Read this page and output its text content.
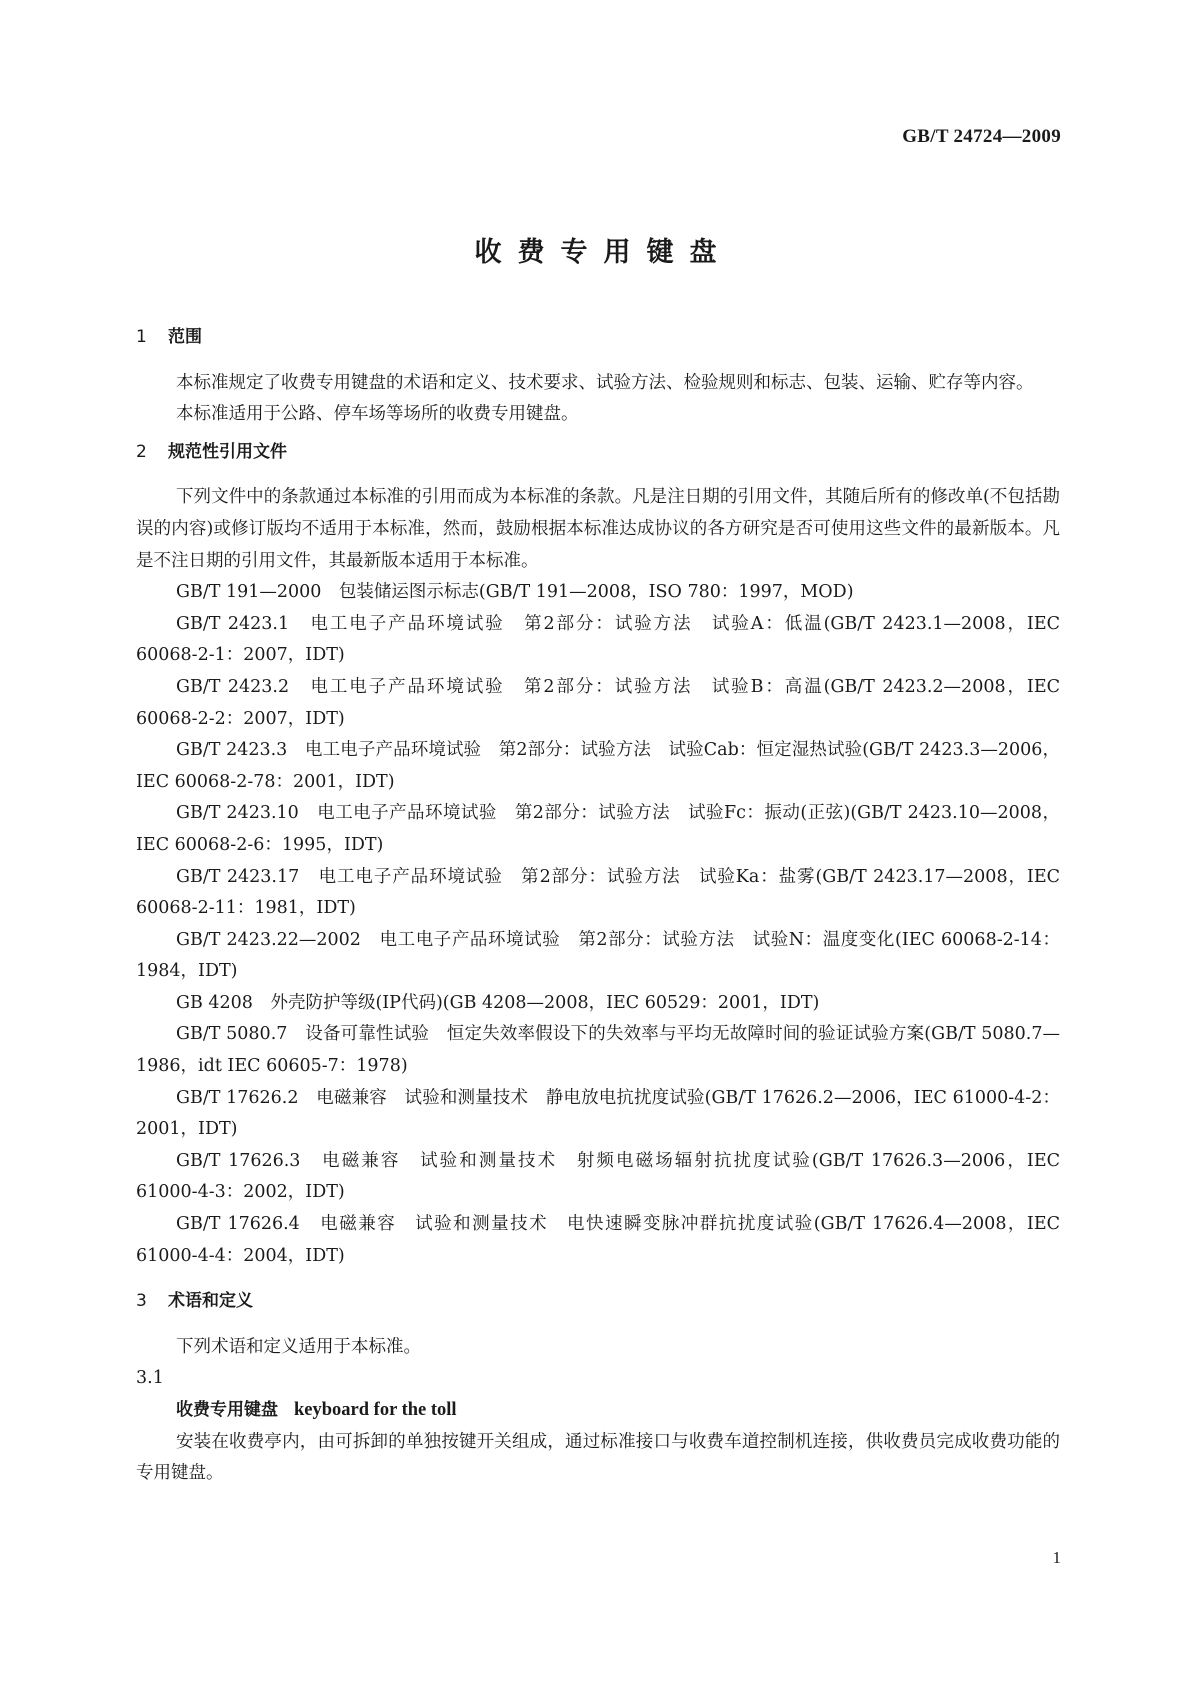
GB/T 24724—2009
收费专用键盘

1 范围

本标准规定了收费专用键盘的术语和定义、技术要求、试验方法、检验规则和标志、包装、运输、贮存等内容。

本标准适用于公路、停车场等场所的收费专用键盘。

2 规范性引用文件

下列文件中的条款通过本标准的引用而成为本标准的条款。凡是注日期的引用文件，其随后所有的修改单(不包括勘误的内容)或修订版均不适用于本标准，然而，鼓励根据本标准达成协议的各方研究是否可使用这些文件的最新版本。凡是不注日期的引用文件，其最新版本适用于本标准。

GB/T 191—2000　包装储运图示标志(GB/T 191—2008，ISO 780：1997，MOD)

GB/T 2423.1　电工电子产品环境试验　第2部分：试验方法　试验A：低温(GB/T 2423.1—2008，IEC 60068-2-1：2007，IDT)

GB/T 2423.2　电工电子产品环境试验　第2部分：试验方法　试验B：高温(GB/T 2423.2—2008，IEC 60068-2-2：2007，IDT)

GB/T 2423.3　电工电子产品环境试验　第2部分：试验方法　试验Cab：恒定湿热试验(GB/T 2423.3—2006，IEC 60068-2-78：2001，IDT)

GB/T 2423.10　电工电子产品环境试验　第2部分：试验方法　试验Fc：振动(正弦)(GB/T 2423.10—2008，IEC 60068-2-6：1995，IDT)

GB/T 2423.17　电工电子产品环境试验　第2部分：试验方法　试验Ka：盐雾(GB/T 2423.17—2008，IEC 60068-2-11：1981，IDT)

GB/T 2423.22—2002　电工电子产品环境试验　第2部分：试验方法　试验N：温度变化(IEC 60068-2-14：1984，IDT)

GB 4208　外壳防护等级(IP代码)(GB 4208—2008，IEC 60529：2001，IDT)

GB/T 5080.7　设备可靠性试验　恒定失效率假设下的失效率与平均无故障时间的验证试验方案(GB/T 5080.7—1986，idt IEC 60605-7：1978)

GB/T 17626.2　电磁兼容　试验和测量技术　静电放电抗扰度试验(GB/T 17626.2—2006，IEC 61000-4-2：2001，IDT)

GB/T 17626.3　电磁兼容　试验和测量技术　射频电磁场辐射抗扰度试验(GB/T 17626.3—2006，IEC 61000-4-3：2002，IDT)

GB/T 17626.4　电磁兼容　试验和测量技术　电快速瞬变脉冲群抗扰度试验(GB/T 17626.4—2008，IEC 61000-4-4：2004，IDT)

3 术语和定义

下列术语和定义适用于本标准。

3.1

收费专用键盘 keyboard for the toll

安装在收费亭内，由可拆卸的单独按键开关组成，通过标准接口与收费车道控制机连接，供收费员完成收费功能的专用键盘。

1
